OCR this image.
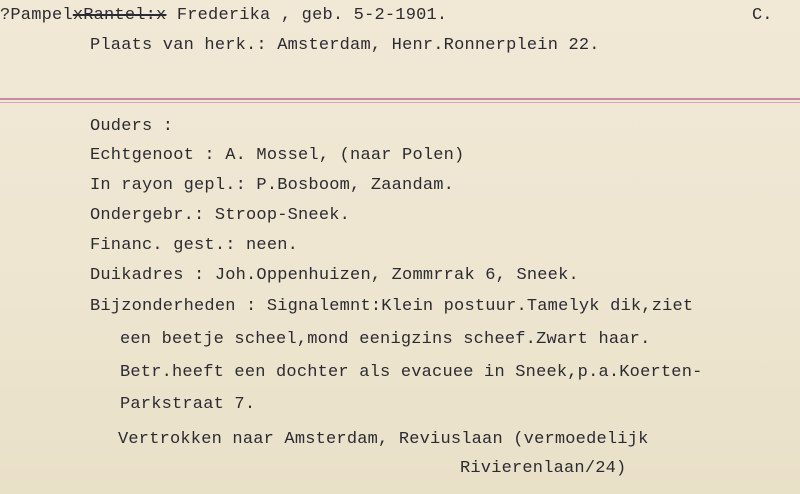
?PampelxRantel:x Frederika , geb. 5-2-1901.	C.
Plaats van herk.: Amsterdam, Henr.Ronnerplein 22.
Ouders :
Echtgenoot : A. Mossel, (naar Polen)
In rayon gepl.: P.Bosboom, Zaandam.
Ondergebr.: Stroop-Sneek.
Financ. gest.: neen.
Duikadres : Joh.Oppenhuizen, Zommrrak 6, Sneek.
Bijzonderheden : Signalemnt:Klein postuur.Tamelyk dik,ziet
een beetje scheel,mond eenigzins scheef.Zwart haar.
Betr.heeft een dochter als evacuee in Sneek,p.a.Koerten-
Parkstraat 7.
Vertrokken naar Amsterdam, Reviuslaan (vermoedelijk
Rivierenlaan/24)
